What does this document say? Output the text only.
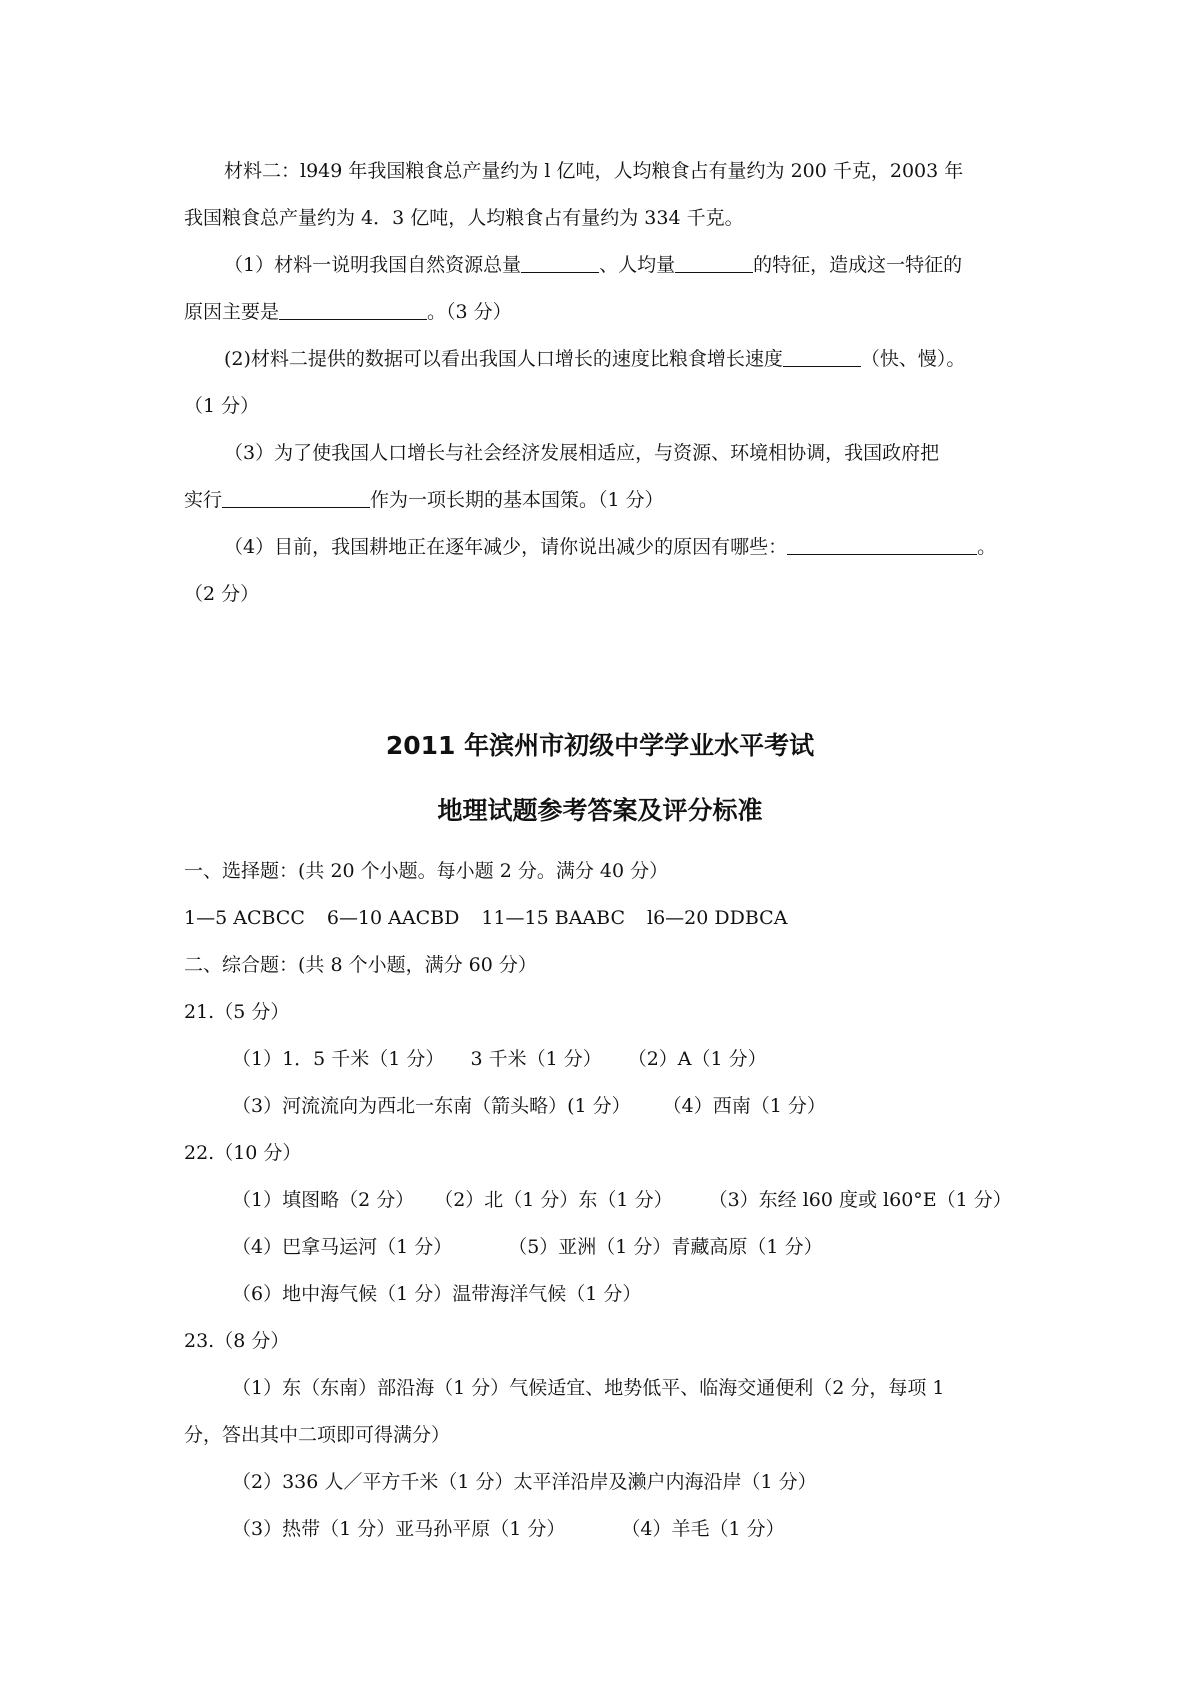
材料二：l949 年我国粮食总产量约为 l 亿吨，人均粮食占有量约为 200 千克，2003 年
我国粮食总产量约为 4．3 亿吨，人均粮食占有量约为 334 千克。
（1）材料一说明我国自然资源总量	、人均量	的特征，造成这一特征的
原因主要是	。（3 分）
(2)材料二提供的数据可以看出我国人口增长的速度比粮食增长速度	（快、慢）。
（1 分）
（3）为了使我国人口增长与社会经济发展相适应，与资源、环境相协调，我国政府把
实行	作为一项长期的基本国策。（1 分）
（4）目前，我国耕地正在逐年减少，请你说出减少的原因有哪些：	。
（2 分）
2011 年滨州市初级中学学业水平考试
地理试题参考答案及评分标准
一、选择题：(共 20 个小题。每小题 2 分。满分 40 分）
1—5 ACBCC 6—10 AACBD 11—15 BAABC l6—20 DDBCA
二、综合题：(共 8 个小题，满分 60 分）
21.（5 分）
（1）1．5 千米（1 分） 3 千米（1 分） （2）A（1 分）
（3）河流流向为西北一东南（箭头略）(1 分） （4）西南（1 分）
22.（10 分）
（1）填图略（2 分） （2）北（1 分）东（1 分） （3）东经 l60 度或 l60°E（1 分）
（4）巴拿马运河（1 分）	（5）亚洲（1 分）青藏高原（1 分）
（6）地中海气候（1 分）温带海洋气候（1 分）
23.（8 分）
（1）东（东南）部沿海（1 分）气候适宜、地势低平、临海交通便利（2 分，每项 1
分，答出其中二项即可得满分）
（2）336 人／平方千米（1 分）太平洋沿岸及濑户内海沿岸（1 分）
（3）热带（1 分）亚马孙平原（1 分）	（4）羊毛（1 分）
